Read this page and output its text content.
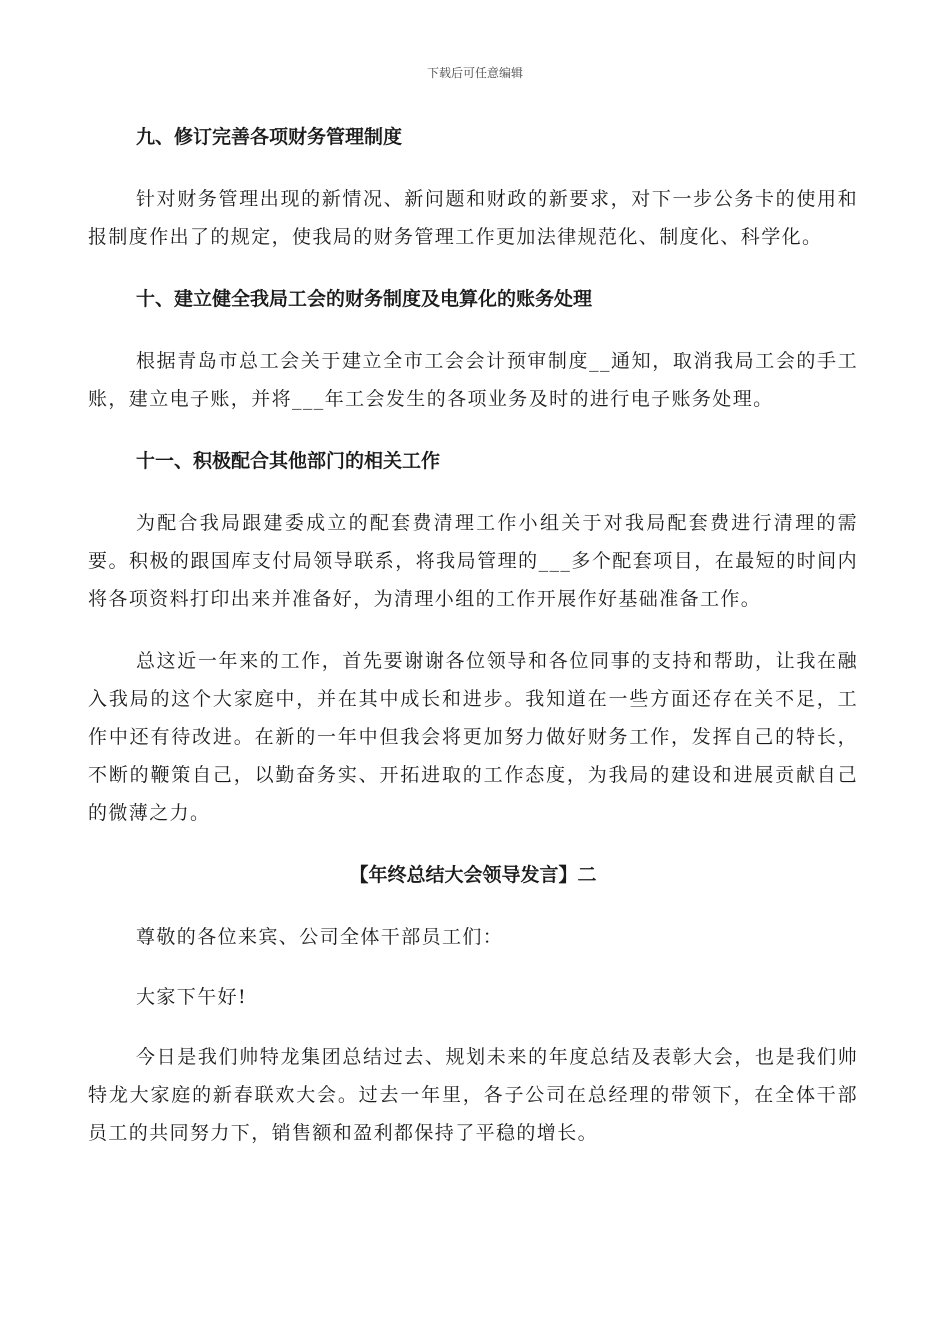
下载后可任意编辑
九、修订完善各项财务管理制度

针对财务管理出现的新情况、新问题和财政的新要求，对下一步公务卡的使用和报制度作出了的规定，使我局的财务管理工作更加法律规范化、制度化、科学化。

十、建立健全我局工会的财务制度及电算化的账务处理

根据青岛市总工会关于建立全市工会会计预审制度__通知，取消我局工会的手工账，建立电子账，并将___年工会发生的各项业务及时的进行电子账务处理。

十一、积极配合其他部门的相关工作

为配合我局跟建委成立的配套费清理工作小组关于对我局配套费进行清理的需要。积极的跟国库支付局领导联系，将我局管理的___多个配套项目，在最短的时间内将各项资料打印出来并准备好，为清理小组的工作开展作好基础准备工作。

总这近一年来的工作，首先要谢谢各位领导和各位同事的支持和帮助，让我在融入我局的这个大家庭中，并在其中成长和进步。我知道在一些方面还存在关不足，工作中还有待改进。在新的一年中但我会将更加努力做好财务工作，发挥自己的特长，不断的鞭策自己，以勤奋务实、开拓进取的工作态度，为我局的建设和进展贡献自己的微薄之力。

【年终总结大会领导发言】二

尊敬的各位来宾、公司全体干部员工们：

大家下午好!

今日是我们帅特龙集团总结过去、规划未来的年度总结及表彰大会，也是我们帅特龙大家庭的新春联欢大会。过去一年里，各子公司在总经理的带领下，在全体干部员工的共同努力下，销售额和盈利都保持了平稳的增长。
